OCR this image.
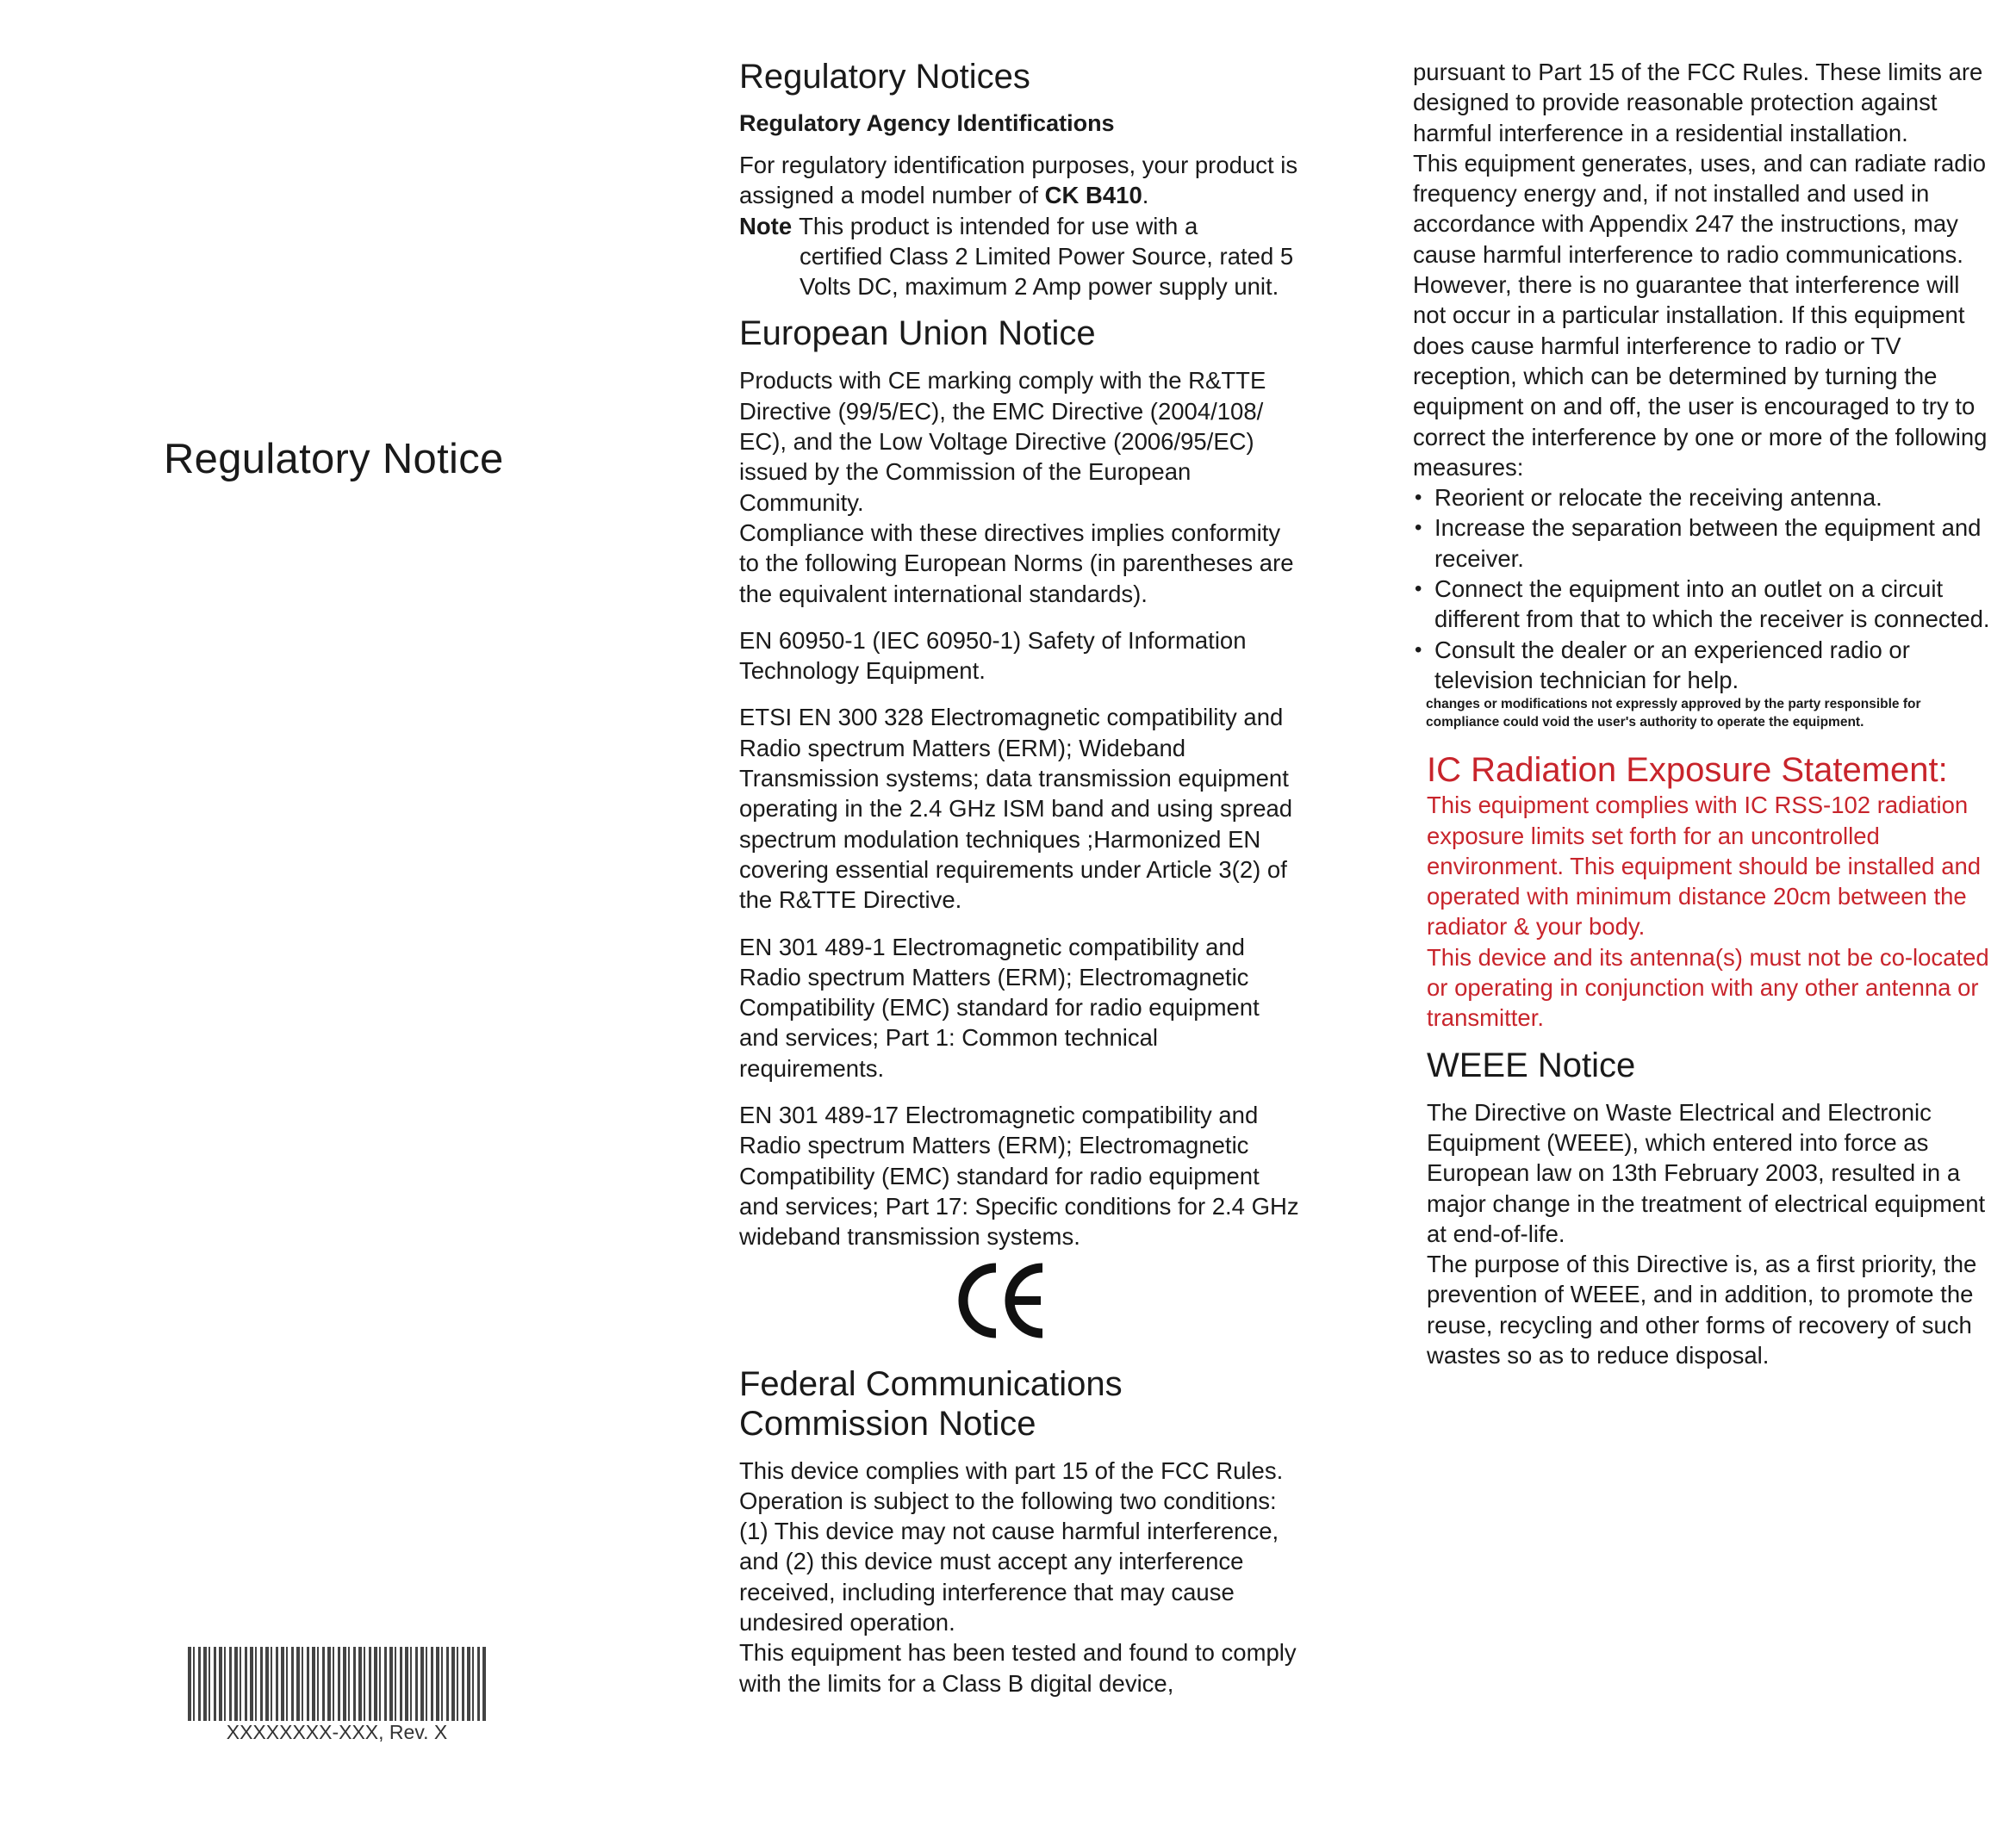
Regulatory Notice
XXXXXXXX-XXX, Rev. X
Regulatory Notices
Regulatory Agency Identifications

For regulatory identification purposes, your product is assigned a model number of CK B410.

Note This product is intended for use with a
certified Class 2 Limited Power Source, rated 5 Volts DC, maximum 2 Amp power supply unit.
European Union Notice

Products with CE marking comply with the R&TTE Directive (99/5/EC), the EMC Directive (2004/108/ EC), and the Low Voltage Directive (2006/95/EC) issued by the Commission of the European Community.

Compliance with these directives implies conformity to the following European Norms (in parentheses are the equivalent international standards).

EN 60950-1 (IEC 60950-1) Safety of Information Technology Equipment.

ETSI EN 300 328 Electromagnetic compatibility and Radio spectrum Matters (ERM); Wideband Transmission systems; data transmission equipment operating in the 2.4 GHz ISM band and using spread spectrum modulation techniques ;Harmonized EN covering essential requirements under Article 3(2) of the R&TTE Directive.

EN 301 489-1 Electromagnetic compatibility and Radio spectrum Matters (ERM); Electromagnetic Compatibility (EMC) standard for radio equipment and services; Part 1: Common technical requirements.

EN 301 489-17 Electromagnetic compatibility and Radio spectrum Matters (ERM); Electromagnetic Compatibility (EMC) standard for radio equipment and services; Part 17: Specific conditions for 2.4 GHz wideband transmission systems.

Federal Communications Commission Notice

This device complies with part 15 of the FCC Rules. Operation is subject to the following two conditions: (1) This device may not cause harmful interference, and (2) this device must accept any interference received, including interference that may cause undesired operation.

This equipment has been tested and found to comply with the limits for a Class B digital device,

pursuant to Part 15 of the FCC Rules. These limits are designed to provide reasonable protection against harmful interference in a residential installation.

This equipment generates, uses, and can radiate radio frequency energy and, if not installed and used in accordance with Appendix 247 the instructions, may cause harmful interference to radio communications. However, there is no guarantee that interference will not occur in a particular installation. If this equipment does cause harmful interference to radio or TV reception, which can be determined by turning the equipment on and off, the user is encouraged to try to correct the interference by one or more of the following measures:

• Reorient or relocate the receiving antenna.
• Increase the separation between the equipment and receiver.
• Connect the equipment into an outlet on a circuit different from that to which the receiver is connected.
• Consult the dealer or an experienced radio or television technician for help.

changes or modifications not expressly approved by the party responsible for compliance could void the user's authority to operate the equipment.

IC Radiation Exposure Statement:

This equipment complies with IC RSS-102 radiation exposure limits set forth for an uncontrolled environment. This equipment should be installed and operated with minimum distance 20cm between the radiator & your body.

This device and its antenna(s) must not be co-located or operating in conjunction with any other antenna or transmitter.

WEEE Notice

The Directive on Waste Electrical and Electronic Equipment (WEEE), which entered into force as European law on 13th February 2003, resulted in a major change in the treatment of electrical equipment at end-of-life.

The purpose of this Directive is, as a first priority, the prevention of WEEE, and in addition, to promote the reuse, recycling and other forms of recovery of such wastes so as to reduce disposal.
